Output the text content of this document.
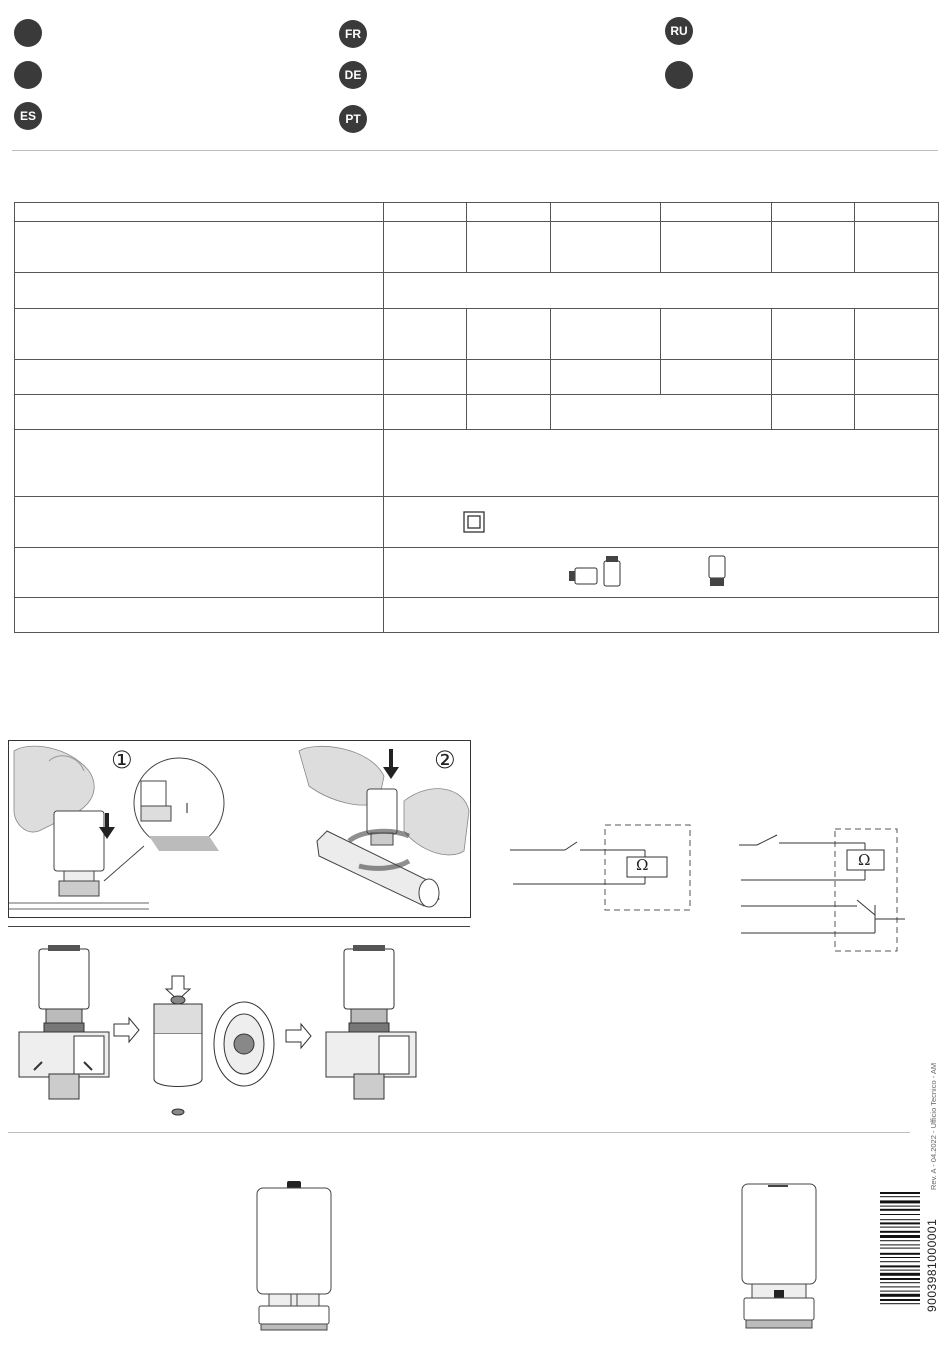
ES
FR
DE
PT
RU

①	②
Ω	Ω
Rev. A - 04.2022 - Ufficio Tecnico - AM
9003981000001
